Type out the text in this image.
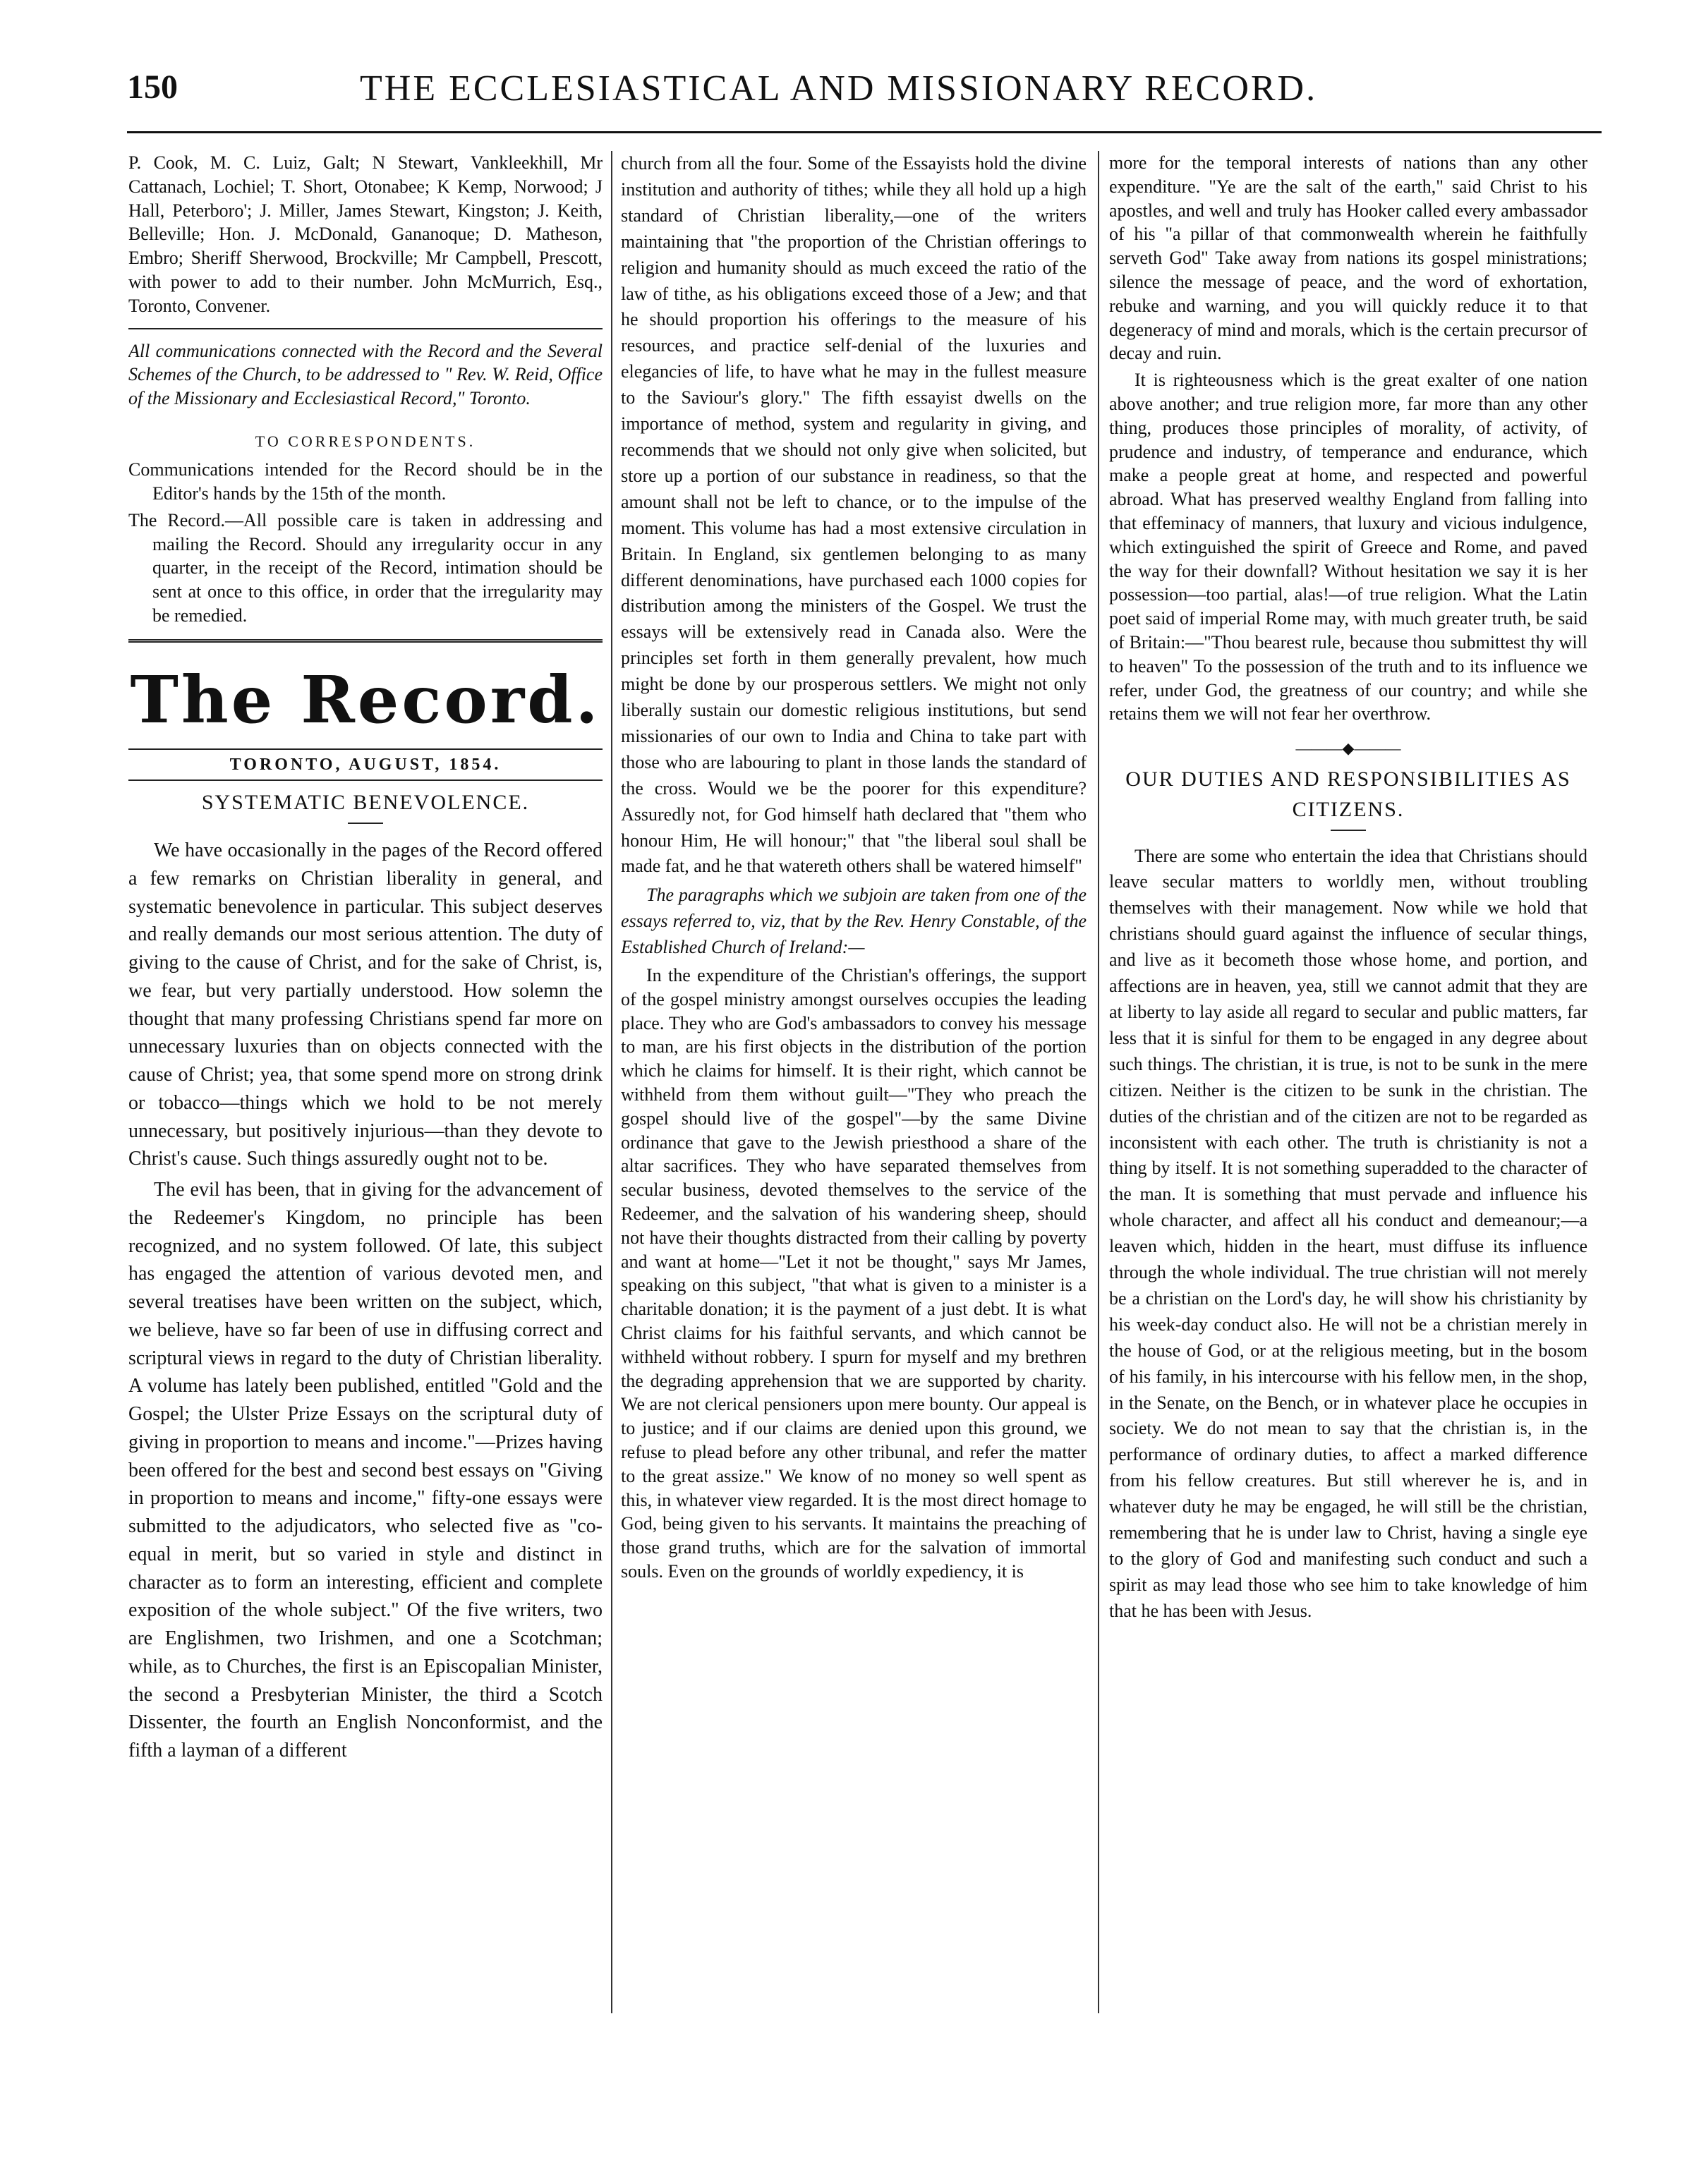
150	THE ECCLESIASTICAL AND MISSIONARY RECORD.

P. Cook, M. C. Luiz, Galt; N Stewart, Vankleekhill, Mr Cattanach, Lochiel; T. Short, Otonabee; K Kemp, Norwood; J Hall, Peterboro'; J. Miller, James Stewart, Kingston; J. Keith, Belleville; Hon. J. McDonald, Gananoque; D. Matheson, Embro; Sheriff Sherwood, Brockville; Mr Campbell, Prescott, with power to add to their number. John McMurrich, Esq., Toronto, Convener.

All communications connected with the Record and the Several Schemes of the Church, to be addressed to " Rev. W. Reid, Office of the Missionary and Ecclesiastical Record," Toronto.

TO CORRESPONDENTS.

Communications intended for the Record should be in the Editor's hands by the 15th of the month.

The Record.—All possible care is taken in addressing and mailing the Record. Should any irregularity occur in any quarter, in the receipt of the Record, intimation should be sent at once to this office, in order that the irregularity may be remedied.

The Record.
TORONTO, AUGUST, 1854.
SYSTEMATIC BENEVOLENCE.

We have occasionally in the pages of the Record offered a few remarks on Christian liberality in general, and systematic benevolence in particular. This subject deserves and really demands our most serious attention. The duty of giving to the cause of Christ, and for the sake of Christ, is, we fear, but very partially understood. How solemn the thought that many professing Christians spend far more on unnecessary luxuries than on objects connected with the cause of Christ; yea, that some spend more on strong drink or tobacco—things which we hold to be not merely unnecessary, but positively injurious—than they devote to Christ's cause. Such things assuredly ought not to be.

The evil has been, that in giving for the advancement of the Redeemer's Kingdom, no principle has been recognized, and no system followed. Of late, this subject has engaged the attention of various devoted men, and several treatises have been written on the subject, which, we believe, have so far been of use in diffusing correct and scriptural views in regard to the duty of Christian liberality. A volume has lately been published, entitled "Gold and the Gospel; the Ulster Prize Essays on the scriptural duty of giving in proportion to means and income."—Prizes having been offered for the best and second best essays on "Giving in proportion to means and income," fifty-one essays were submitted to the adjudicators, who selected five as "co-equal in merit, but so varied in style and distinct in character as to form an interesting, efficient and complete exposition of the whole subject." Of the five writers, two are Englishmen, two Irishmen, and one a Scotchman; while, as to Churches, the first is an Episcopalian Minister, the second a Presbyterian Minister, the third a Scotch Dissenter, the fourth an English Nonconformist, and the fifth a layman of a different

church from all the four. Some of the Essayists hold the divine institution and authority of tithes; while they all hold up a high standard of Christian liberality,—one of the writers maintaining that "the proportion of the Christian offerings to religion and humanity should as much exceed the ratio of the law of tithe, as his obligations exceed those of a Jew; and that he should proportion his offerings to the measure of his resources, and practice self-denial of the luxuries and elegancies of life, to have what he may in the fullest measure to the Saviour's glory." The fifth essayist dwells on the importance of method, system and regularity in giving, and recommends that we should not only give when solicited, but store up a portion of our substance in readiness, so that the amount shall not be left to chance, or to the impulse of the moment. This volume has had a most extensive circulation in Britain. In England, six gentlemen belonging to as many different denominations, have purchased each 1000 copies for distribution among the ministers of the Gospel. We trust the essays will be extensively read in Canada also. Were the principles set forth in them generally prevalent, how much might be done by our prosperous settlers. We might not only liberally sustain our domestic religious institutions, but send missionaries of our own to India and China to take part with those who are labouring to plant in those lands the standard of the cross. Would we be the poorer for this expenditure? Assuredly not, for God himself hath declared that "them who honour Him, He will honour;" that "the liberal soul shall be made fat, and he that watereth others shall be watered himself"

The paragraphs which we subjoin are taken from one of the essays referred to, viz, that by the Rev. Henry Constable, of the Established Church of Ireland:—

In the expenditure of the Christian's offerings, the support of the gospel ministry amongst ourselves occupies the leading place. They who are God's ambassadors to convey his message to man, are his first objects in the distribution of the portion which he claims for himself. It is their right, which cannot be withheld from them without guilt—"They who preach the gospel should live of the gospel"—by the same Divine ordinance that gave to the Jewish priesthood a share of the altar sacrifices. They who have separated themselves from secular business, devoted themselves to the service of the Redeemer, and the salvation of his wandering sheep, should not have their thoughts distracted from their calling by poverty and want at home—"Let it not be thought," says Mr James, speaking on this subject, "that what is given to a minister is a charitable donation; it is the payment of a just debt. It is what Christ claims for his faithful servants, and which cannot be withheld without robbery. I spurn for myself and my brethren the degrading apprehension that we are supported by charity. We are not clerical pensioners upon mere bounty. Our appeal is to justice; and if our claims are denied upon this ground, we refuse to plead before any other tribunal, and refer the matter to the great assize." We know of no money so well spent as this, in whatever view regarded. It is the most direct homage to God, being given to his servants. It maintains the preaching of those grand truths, which are for the salvation of immortal souls. Even on the grounds of worldly expediency, it is

more for the temporal interests of nations than any other expenditure. "Ye are the salt of the earth," said Christ to his apostles, and well and truly has Hooker called every ambassador of his "a pillar of that commonwealth wherein he faithfully serveth God" Take away from nations its gospel ministrations; silence the message of peace, and the word of exhortation, rebuke and warning, and you will quickly reduce it to that degeneracy of mind and morals, which is the certain precursor of decay and ruin.

It is righteousness which is the great exalter of one nation above another; and true religion more, far more than any other thing, produces those principles of morality, of activity, of prudence and industry, of temperance and endurance, which make a people great at home, and respected and powerful abroad. What has preserved wealthy England from falling into that effeminacy of manners, that luxury and vicious indulgence, which extinguished the spirit of Greece and Rome, and paved the way for their downfall? Without hesitation we say it is her possession—too partial, alas!—of true religion. What the Latin poet said of imperial Rome may, with much greater truth, be said of Britain:—"Thou bearest rule, because thou submittest thy will to heaven" To the possession of the truth and to its influence we refer, under God, the greatness of our country; and while she retains them we will not fear her overthrow.

———◆———
OUR DUTIES AND RESPONSIBILITIES AS CITIZENS.

There are some who entertain the idea that Christians should leave secular matters to worldly men, without troubling themselves with their management. Now while we hold that christians should guard against the influence of secular things, and live as it becometh those whose home, and portion, and affections are in heaven, yea, still we cannot admit that they are at liberty to lay aside all regard to secular and public matters, far less that it is sinful for them to be engaged in any degree about such things. The christian, it is true, is not to be sunk in the mere citizen. Neither is the citizen to be sunk in the christian. The duties of the christian and of the citizen are not to be regarded as inconsistent with each other. The truth is christianity is not a thing by itself. It is not something superadded to the character of the man. It is something that must pervade and influence his whole character, and affect all his conduct and demeanour;—a leaven which, hidden in the heart, must diffuse its influence through the whole individual. The true christian will not merely be a christian on the Lord's day, he will show his christianity by his week-day conduct also. He will not be a christian merely in the house of God, or at the religious meeting, but in the bosom of his family, in his intercourse with his fellow men, in the shop, in the Senate, on the Bench, or in whatever place he occupies in society. We do not mean to say that the christian is, in the performance of ordinary duties, to affect a marked difference from his fellow creatures. But still wherever he is, and in whatever duty he may be engaged, he will still be the christian, remembering that he is under law to Christ, having a single eye to the glory of God and manifesting such conduct and such a spirit as may lead those who see him to take knowledge of him that he has been with Jesus.
